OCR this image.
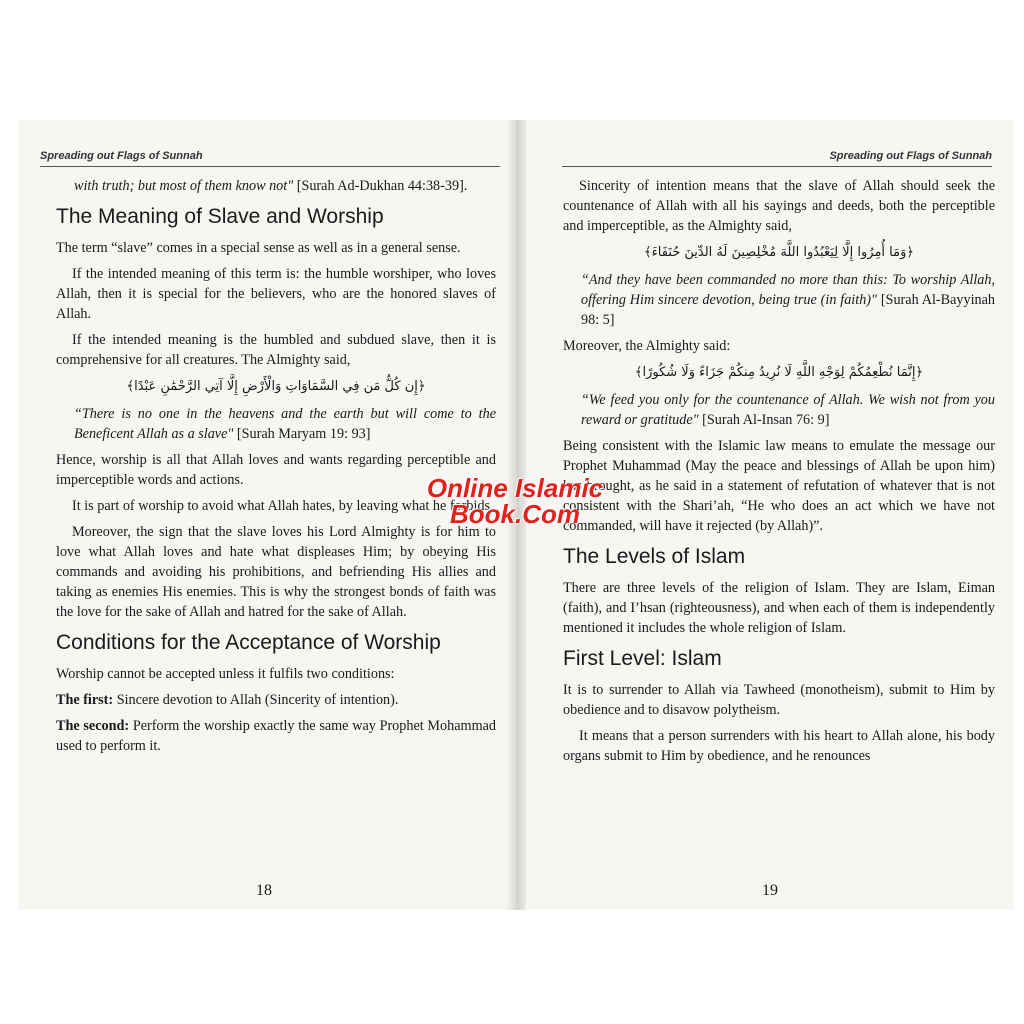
Spreading out Flags of Sunnah

with truth; but most of them know not" [Surah Ad-Dukhan 44:38-39].

The Meaning of Slave and Worship

The term “slave” comes in a special sense as well as in a general sense.

If the intended meaning of this term is: the humble worshiper, who loves Allah, then it is special for the believers, who are the honored slaves of Allah.

If the intended meaning is the humbled and subdued slave, then it is comprehensive for all creatures. The Almighty said,

﴿إِن كُلُّ مَن فِي السَّمَاوَاتِ وَالْأَرْضِ إِلَّا آتِي الرَّحْمَٰنِ عَبْدًا﴾

“There is no one in the heavens and the earth but will come to the Beneficent Allah as a slave" [Surah Maryam 19: 93]

Hence, worship is all that Allah loves and wants regarding perceptible and imperceptible words and actions.

It is part of worship to avoid what Allah hates, by leaving what he forbids.

Moreover, the sign that the slave loves his Lord Almighty is for him to love what Allah loves and hate what displeases Him; by obeying His commands and avoiding his prohibitions, and befriending His allies and taking as enemies His enemies. This is why the strongest bonds of faith was the love for the sake of Allah and hatred for the sake of Allah.

Conditions for the Acceptance of Worship

Worship cannot be accepted unless it fulfils two conditions:

The first: Sincere devotion to Allah (Sincerity of intention).

The second: Perform the worship exactly the same way Prophet Mohammad used to perform it.

18
Spreading out Flags of Sunnah

Sincerity of intention means that the slave of Allah should seek the countenance of Allah with all his sayings and deeds, both the perceptible and imperceptible, as the Almighty said,

﴿وَمَا أُمِرُوا إِلَّا لِيَعْبُدُوا اللَّهَ مُخْلِصِينَ لَهُ الدِّينَ حُنَفَاءَ﴾

“And they have been commanded no more than this: To worship Allah, offering Him sincere devotion, being true (in faith)" [Surah Al-Bayyinah 98: 5]

Moreover, the Almighty said:

﴿إِنَّمَا نُطْعِمُكُمْ لِوَجْهِ اللَّهِ لَا نُرِيدُ مِنكُمْ جَزَاءً وَلَا شُكُورًا﴾

“We feed you only for the countenance of Allah. We wish not from you reward or gratitude" [Surah Al-Insan 76: 9]

Being consistent with the Islamic law means to emulate the message our Prophet Muhammad (May the peace and blessings of Allah be upon him) has brought, as he said in a statement of refutation of whatever that is not consistent with the Shari’ah, “He who does an act which we have not commanded, will have it rejected (by Allah)”.

The Levels of Islam

There are three levels of the religion of Islam. They are Islam, Eiman (faith), and I’hsan (righteousness), and when each of them is independently mentioned it includes the whole religion of Islam.

First Level: Islam

It is to surrender to Allah via Tawheed (monotheism), submit to Him by obedience and to disavow polytheism.

It means that a person surrenders with his heart to Allah alone, his body organs submit to Him by obedience, and he renounces

19
Online Islamic
Book.Com
